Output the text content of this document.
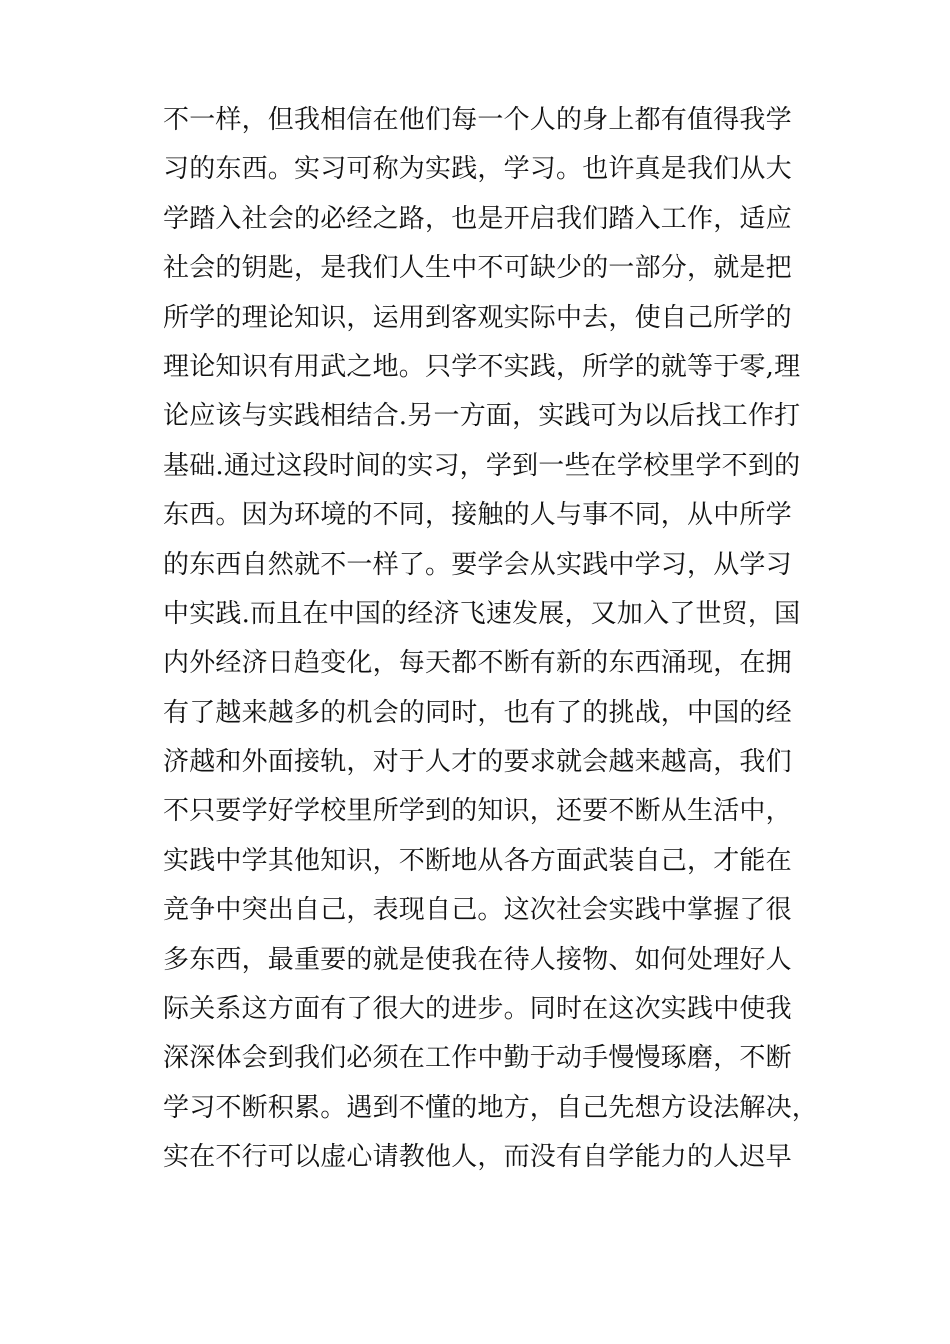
不一样，但我相信在他们每一个人的身上都有值得我学
习的东西。实习可称为实践，学习。也许真是我们从大
学踏入社会的必经之路，也是开启我们踏入工作，适应
社会的钥匙，是我们人生中不可缺少的一部分，就是把
所学的理论知识，运用到客观实际中去，使自己所学的
理论知识有用武之地。只学不实践，所学的就等于零,理
论应该与实践相结合.另一方面，实践可为以后找工作打
基础.通过这段时间的实习，学到一些在学校里学不到的
东西。因为环境的不同，接触的人与事不同，从中所学
的东西自然就不一样了。要学会从实践中学习，从学习
中实践.而且在中国的经济飞速发展，又加入了世贸，国
内外经济日趋变化，每天都不断有新的东西涌现，在拥
有了越来越多的机会的同时，也有了的挑战，中国的经
济越和外面接轨，对于人才的要求就会越来越高，我们
不只要学好学校里所学到的知识，还要不断从生活中，
实践中学其他知识，不断地从各方面武装自己，才能在
竞争中突出自己，表现自己。这次社会实践中掌握了很
多东西，最重要的就是使我在待人接物、如何处理好人
际关系这方面有了很大的进步。同时在这次实践中使我
深深体会到我们必须在工作中勤于动手慢慢琢磨，不断
学习不断积累。遇到不懂的地方，自己先想方设法解决，
实在不行可以虚心请教他人，而没有自学能力的人迟早
